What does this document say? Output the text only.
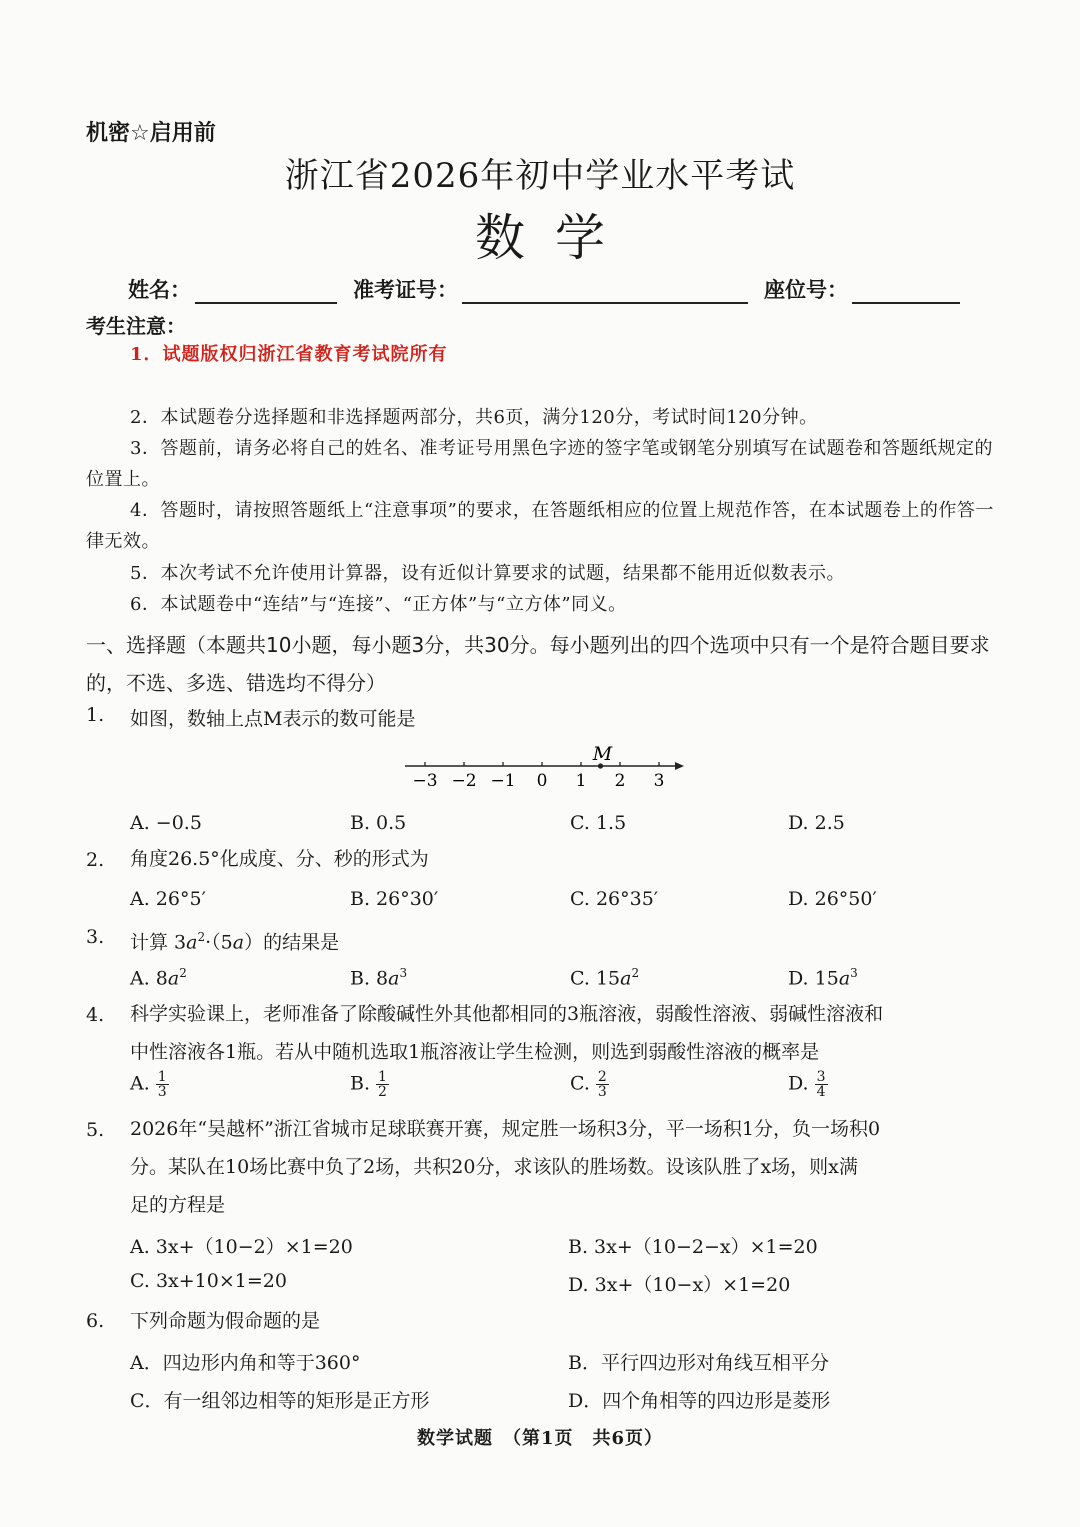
机密☆启用前
浙江省2026年初中学业水平考试
数学
姓名：	准考证号：	座位号：
考生注意：
1．试题版权归浙江省教育考试院所有
2．本试题卷分选择题和非选择题两部分，共6页，满分120分，考试时间120分钟。
3．答题前，请务必将自己的姓名、准考证号用黑色字迹的签字笔或钢笔分别填写在试题卷和答题纸规定的位置上。
4．答题时，请按照答题纸上“注意事项”的要求，在答题纸相应的位置上规范作答，在本试题卷上的作答一律无效。
5．本次考试不允许使用计算器，设有近似计算要求的试题，结果都不能用近似数表示。
6．本试题卷中“连结”与“连接”、“正方体”与“立方体”同义。
一、选择题（本题共10小题，每小题3分，共30分。每小题列出的四个选项中只有一个是符合题目要求的，不选、多选、错选均不得分）
1. 如图，数轴上点M表示的数可能是
−3 −2 −1 0 1 2 3
M
A. −0.5	B. 0.5	C. 1.5	D. 2.5
2. 角度26.5°化成度、分、秒的形式为
A. 26°5′	B. 26°30′	C. 26°35′	D. 26°50′
3. 计算 $3a^2\cdot(5a)$的结果是
A. $8a^2$	B. $8a^3$	C. $15a^2$	D. $15a^3$
4. 科学实验课上，老师准备了除酸碱性外其他都相同的3瓶溶液，弱酸性溶液、弱碱性溶液和
中性溶液各1瓶。若从中随机选取1瓶溶液让学生检测，则选到弱酸性溶液的概率是
A. $\frac{1}{3}$	B. $\frac{1}{2}$	C. $\frac{2}{3}$	D. $\frac{3}{4}$
5. 2026年“吴越杯”浙江省城市足球联赛开赛，规定胜一场积3分，平一场积1分，负一场积0
分。某队在10场比赛中负了2场，共积20分，求该队的胜场数。设该队胜了x场，则x满
足的方程是
A. 3x+（10−2）×1=20	B. 3x+（10−2−x）×1=20
C. 3x+10×1=20	D. 3x+（10−x）×1=20
6. 下列命题为假命题的是
A．四边形内角和等于360°	B．平行四边形对角线互相平分
C．有一组邻边相等的矩形是正方形	D．四个角相等的四边形是菱形
数学试题　（第1页　共6页）
